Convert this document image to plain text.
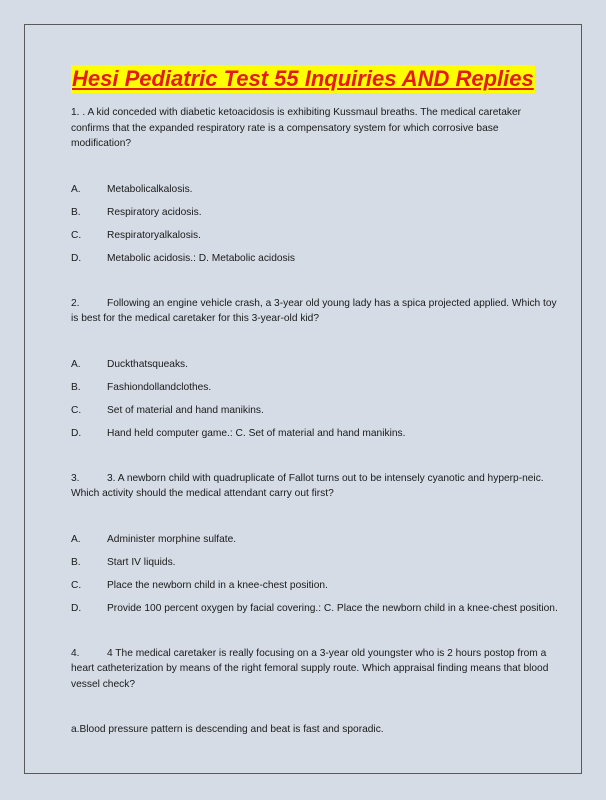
Hesi Pediatric Test 55 Inquiries AND Replies

1. . A kid conceded with diabetic ketoacidosis is exhibiting Kussmaul breaths. The medical caretaker confirms that the expanded respiratory rate is a compensatory system for which corrosive base modification?

A.	Metabolicalkalosis.
B.	Respiratory acidosis.
C.	Respiratoryalkalosis.
D.	Metabolic acidosis.: D. Metabolic acidosis

2.	Following an engine vehicle crash, a 3-year old young lady has a spica projected applied. Which toy is best for the medical caretaker for this 3-year-old kid?

A.	Duckthatsqueaks.
B.	Fashiondollandclothes.
C.	Set of material and hand manikins.
D.	Hand held computer game.: C. Set of material and hand manikins.

3.	3. A newborn child with quadruplicate of Fallot turns out to be intensely cyanotic and hyperp-neic. Which activity should the medical attendant carry out first?

A.	Administer morphine sulfate.
B.	Start IV liquids.
C.	Place the newborn child in a knee-chest position.
D.	Provide 100 percent oxygen by facial covering.: C. Place the newborn child in a knee-chest position.

4.	4 The medical caretaker is really focusing on a 3-year old youngster who is 2 hours postop from a heart catheterization by means of the right femoral supply route. Which appraisal finding means that blood vessel check?

a.Blood pressure pattern is descending and beat is fast and sporadic.
